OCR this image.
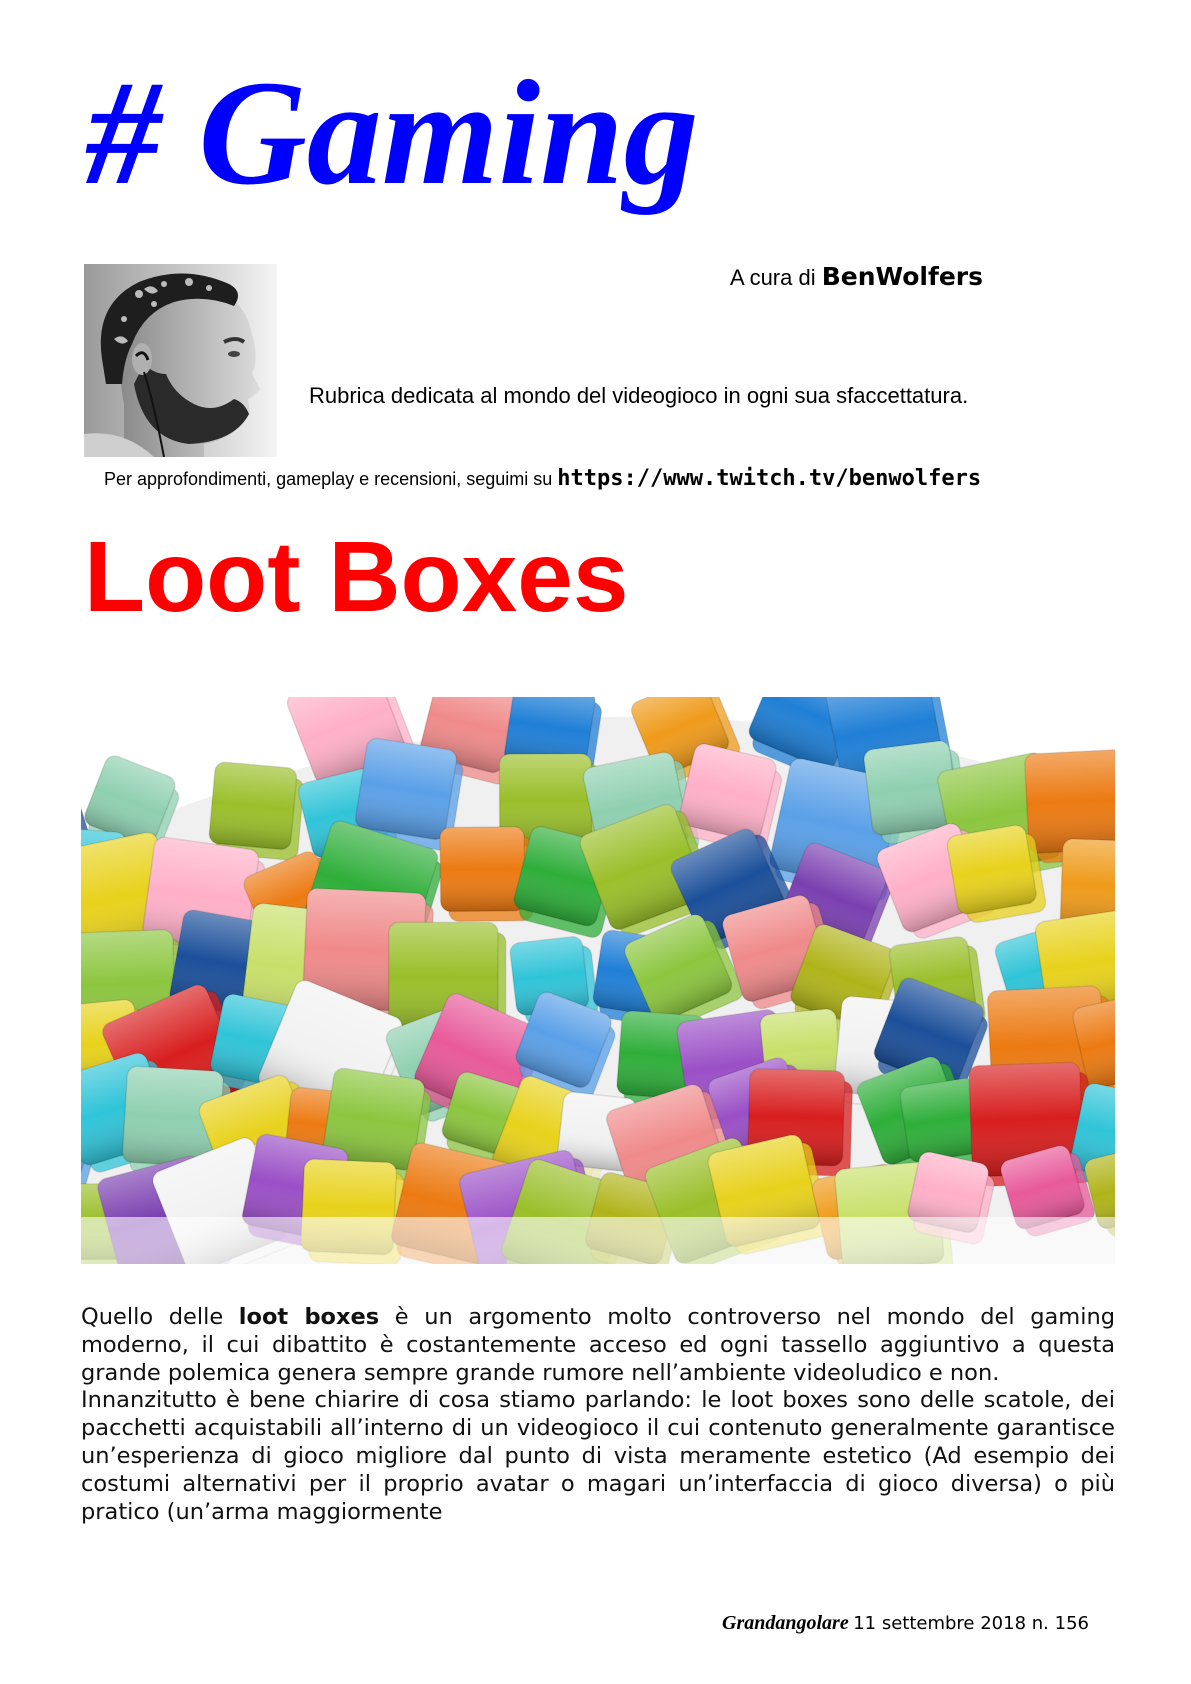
# Gaming
A cura di BenWolfers
Rubrica dedicata al mondo del videogioco in ogni sua sfaccettatura.
Per approfondimenti, gameplay e recensioni, seguimi su https://www.twitch.tv/benwolfers
Loot Boxes

Quello delle loot boxes è un argomento molto controverso nel mondo del gaming moderno, il cui dibattito è costantemente acceso ed ogni tassello aggiuntivo a questa grande polemica genera sempre grande rumore nell’ambiente videoludico e non.

Innanzitutto è bene chiarire di cosa stiamo parlando: le loot boxes sono delle scatole, dei pacchetti acquistabili all’interno di un videogioco il cui contenuto generalmente garantisce un’esperienza di gioco migliore dal punto di vista meramente estetico (Ad esempio dei costumi alternativi per il proprio avatar o magari un’interfaccia di gioco diversa) o più pratico (un’arma maggiormente

Grandangolare 11 settembre 2018 n. 156
